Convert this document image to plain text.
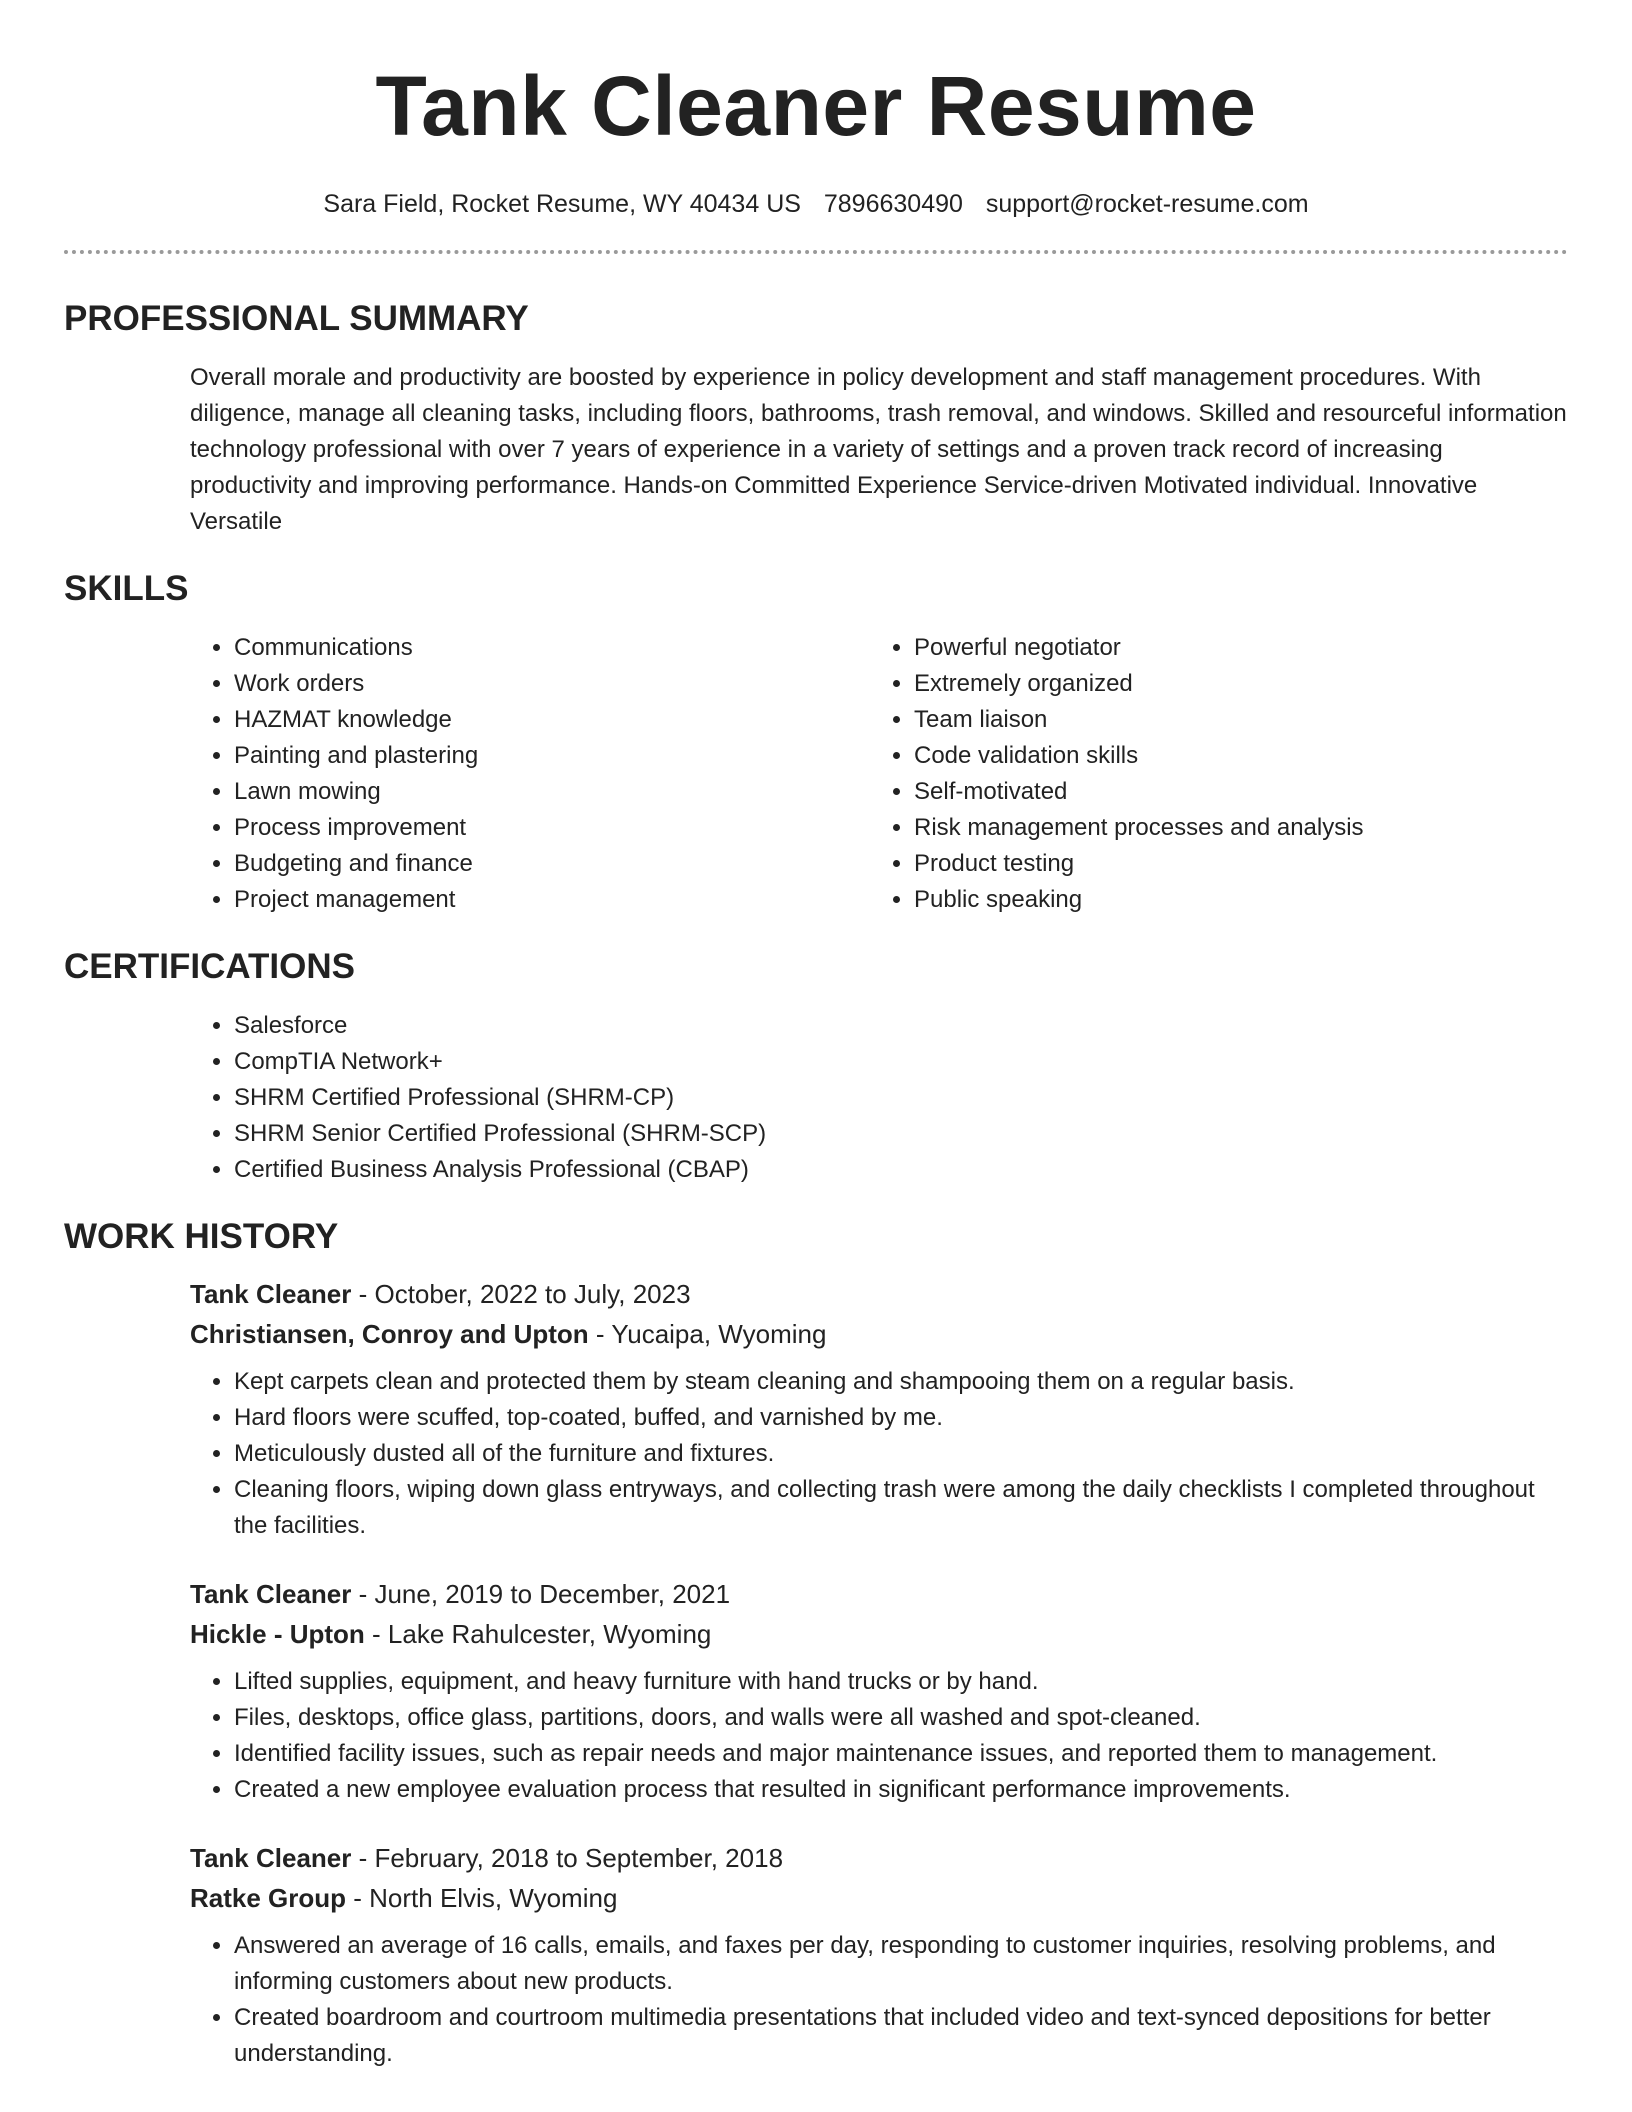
Tank Cleaner Resume
Sara Field, Rocket Resume, WY 40434 US 7896630490 support@rocket-resume.com
PROFESSIONAL SUMMARY

Overall morale and productivity are boosted by experience in policy development and staff management procedures. With diligence, manage all cleaning tasks, including floors, bathrooms, trash removal, and windows. Skilled and resourceful information technology professional with over 7 years of experience in a variety of settings and a proven track record of increasing productivity and improving performance. Hands-on Committed Experience Service-driven Motivated individual. Innovative Versatile

SKILLS
• Communications
• Work orders
• HAZMAT knowledge
• Painting and plastering
• Lawn mowing
• Process improvement
• Budgeting and finance
• Project management
• Powerful negotiator
• Extremely organized
• Team liaison
• Code validation skills
• Self-motivated
• Risk management processes and analysis
• Product testing
• Public speaking
CERTIFICATIONS
• Salesforce
• CompTIA Network+
• SHRM Certified Professional (SHRM-CP)
• SHRM Senior Certified Professional (SHRM-SCP)
• Certified Business Analysis Professional (CBAP)
WORK HISTORY
Tank Cleaner - October, 2022 to July, 2023
Christiansen, Conroy and Upton - Yucaipa, Wyoming
• Kept carpets clean and protected them by steam cleaning and shampooing them on a regular basis.
• Hard floors were scuffed, top-coated, buffed, and varnished by me.
• Meticulously dusted all of the furniture and fixtures.
• Cleaning floors, wiping down glass entryways, and collecting trash were among the daily checklists I completed throughout the facilities.
Tank Cleaner - June, 2019 to December, 2021
Hickle - Upton - Lake Rahulcester, Wyoming
• Lifted supplies, equipment, and heavy furniture with hand trucks or by hand.
• Files, desktops, office glass, partitions, doors, and walls were all washed and spot-cleaned.
• Identified facility issues, such as repair needs and major maintenance issues, and reported them to management.
• Created a new employee evaluation process that resulted in significant performance improvements.
Tank Cleaner - February, 2018 to September, 2018
Ratke Group - North Elvis, Wyoming
• Answered an average of 16 calls, emails, and faxes per day, responding to customer inquiries, resolving problems, and informing customers about new products.
• Created boardroom and courtroom multimedia presentations that included video and text-synced depositions for better understanding.
